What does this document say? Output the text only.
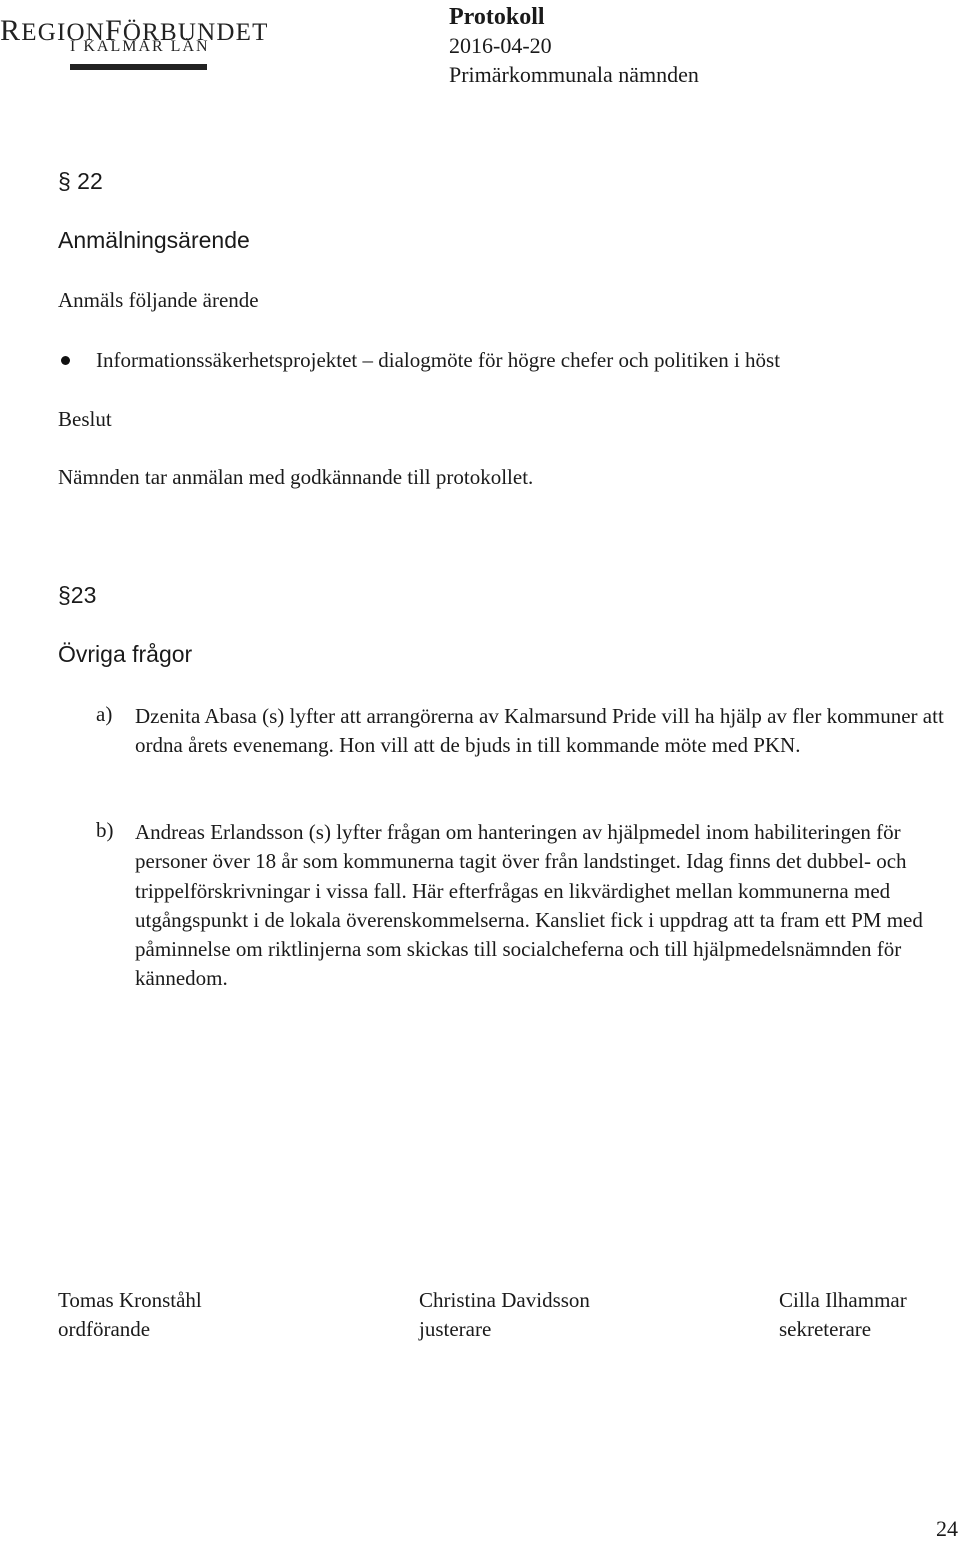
REGIONFÖRBUNDET
I KALMAR LÄN
Protokoll
2016-04-20
Primärkommunala nämnden
§ 22
Anmälningsärende
Anmäls följande ärende
Informationssäkerhetsprojektet – dialogmöte för högre chefer och politiken i höst
Beslut
Nämnden tar anmälan med godkännande till protokollet.
§23
Övriga frågor
a) Dzenita Abasa (s) lyfter att arrangörerna av Kalmarsund Pride vill ha hjälp av fler kommuner att ordna årets evenemang. Hon vill att de bjuds in till kommande möte med PKN.
b) Andreas Erlandsson (s) lyfter frågan om hanteringen av hjälpmedel inom habiliteringen för personer över 18 år som kommunerna tagit över från landstinget. Idag finns det dubbel- och trippelförskrivningar i vissa fall. Här efterfrågas en likvärdighet mellan kommunerna med utgångspunkt i de lokala överenskommelserna. Kansliet fick i uppdrag att ta fram ett PM med påminnelse om riktlinjerna som skickas till socialcheferna och till hjälpmedelsnämnden för kännedom.
Tomas Kronståhl
ordförande
Christina Davidsson
justerare
Cilla Ilhammar
sekreterare
24
